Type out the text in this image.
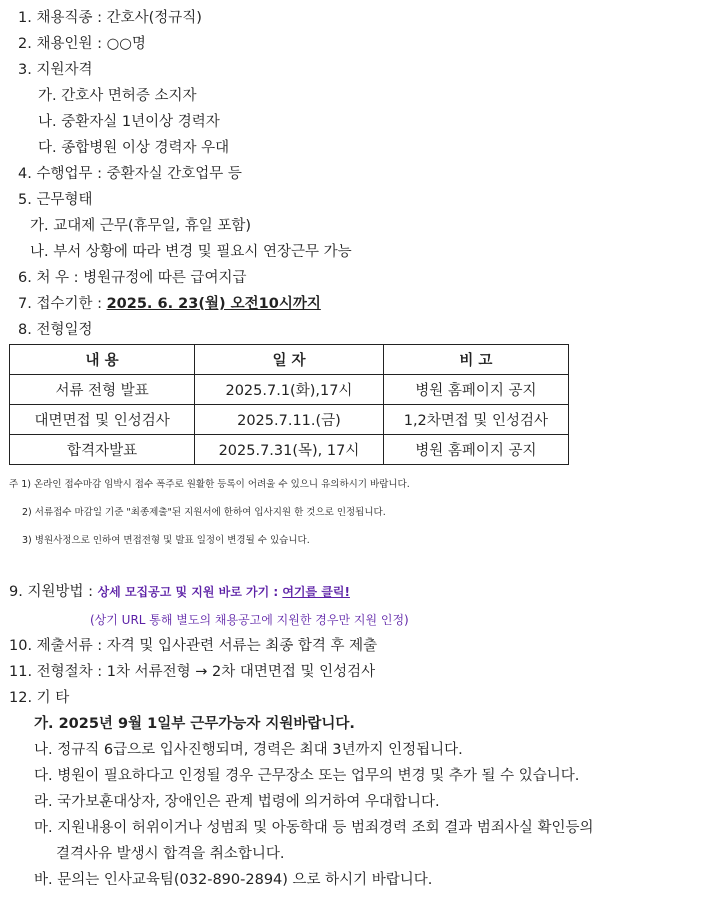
1. 채용직종 : 간호사(정규직)
2. 채용인원 : ○○명
3. 지원자격
가. 간호사 면허증 소지자
나. 중환자실 1년이상 경력자
다. 종합병원 이상 경력자 우대
4. 수행업무 : 중환자실 간호업무 등
5. 근무형태
가. 교대제 근무(휴무일, 휴일 포함)
나. 부서 상황에 따라 변경 및 필요시 연장근무 가능
6. 처 우 : 병원규정에 따른 급여지급
7. 접수기한 : 2025. 6. 23(월) 오전10시까지
8. 전형일정
내 용	일 자	비 고
서류 전형 발표	2025.7.1(화),17시	병원 홈페이지 공지
대면면접 및 인성검사	2025.7.11.(금)	1,2차면접 및 인성검사
합격자발표	2025.7.31(목), 17시	병원 홈페이지 공지
주 1) 온라인 접수마감 임박시 접수 폭주로 원활한 등록이 어려울 수 있으니 유의하시기 바랍니다.
2) 서류접수 마감일 기준 "최종제출"된 지원서에 한하여 입사지원 한 것으로 인정됩니다.
3) 병원사정으로 인하여 면접전형 및 발표 일정이 변경될 수 있습니다.
9. 지원방법 : 상세 모집공고 및 지원 바로 가기 : 여기를 클릭!
(상기 URL 통해 별도의 채용공고에 지원한 경우만 지원 인정)
10. 제출서류 : 자격 및 입사관련 서류는 최종 합격 후 제출
11. 전형절차 : 1차 서류전형 → 2차 대면면접 및 인성검사
12. 기 타
가. 2025년 9월 1일부 근무가능자 지원바랍니다.
나. 정규직 6급으로 입사진행되며, 경력은 최대 3년까지 인정됩니다.
다. 병원이 필요하다고 인정될 경우 근무장소 또는 업무의 변경 및 추가 될 수 있습니다.
라. 국가보훈대상자, 장애인은 관계 법령에 의거하여 우대합니다.
마. 지원내용이 허위이거나 성범죄 및 아동학대 등 범죄경력 조회 결과 범죄사실 확인등의
결격사유 발생시 합격을 취소합니다.
바. 문의는 인사교육팀(032-890-2894) 으로 하시기 바랍니다.
